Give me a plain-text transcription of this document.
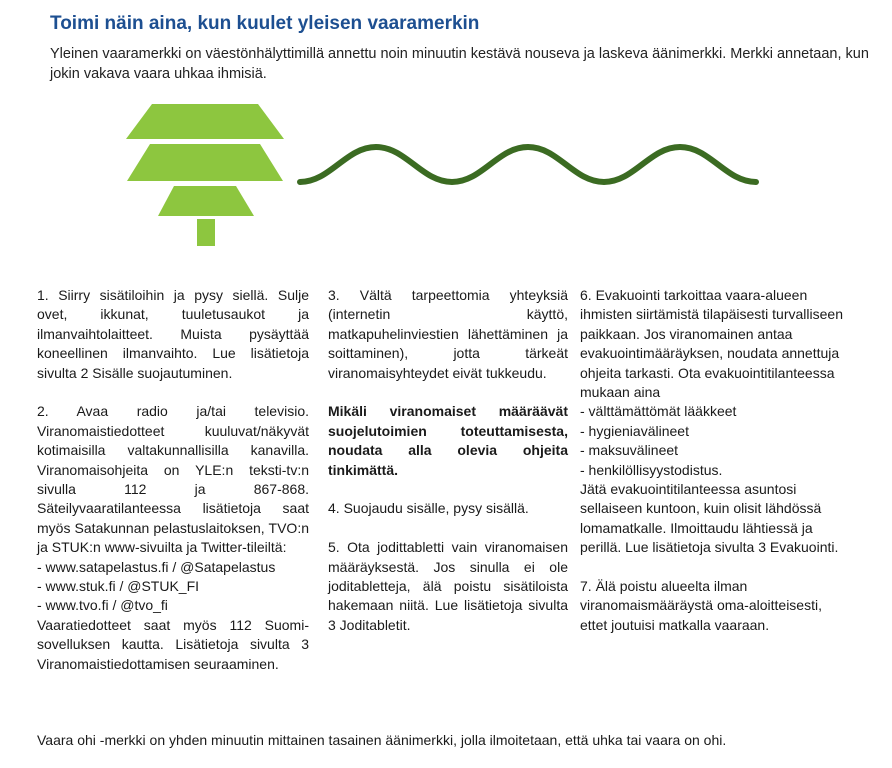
Toimi näin aina, kun kuulet yleisen vaaramerkin
Yleinen vaaramerkki on väestönhälyttimillä annettu noin minuutin kestävä nouseva ja laskeva äänimerkki. Merkki annetaan, kun jokin vakava vaara uhkaa ihmisiä.

1. Siirry sisätiloihin ja pysy siellä. Sulje ovet, ikkunat, tuuletusaukot ja ilmanvaihtolaitteet. Muista pysäyttää koneellinen ilmanvaihto. Lue lisätietoja sivulta 2 Sisälle suojautuminen.

2. Avaa radio ja/tai televisio. Viranomaistiedotteet kuuluvat/näkyvät kotimaisilla valtakunnallisilla kanavilla. Viranomaisohjeita on YLE:n teksti-tv:n sivulla 112 ja 867-868. Säteilyvaaratilanteessa lisätietoja saat myös Satakunnan pelastuslaitoksen, TVO:n ja STUK:n www-sivuilta ja Twitter-tileiltä:
- www.satapelastus.fi / @Satapelastus
- www.stuk.fi / @STUK_FI
- www.tvo.fi / @tvo_fi
Vaaratiedotteet saat myös 112 Suomi-sovelluksen kautta. Lisätietoja sivulta 3 Viranomaistiedottamisen seuraaminen.

3. Vältä tarpeettomia yhteyksiä (internetin käyttö, matkapuhelinviestien lähettäminen ja soittaminen), jotta tärkeät viranomaisyhteydet eivät tukkeudu.

Mikäli viranomaiset määräävät suojelutoimien toteuttamisesta, noudata alla olevia ohjeita tinkimättä.

4. Suojaudu sisälle, pysy sisällä.

5. Ota jodittabletti vain viranomaisen määräyksestä. Jos sinulla ei ole joditabletteja, älä poistu sisätiloista hakemaan niitä. Lue lisätietoja sivulta 3 Joditabletit.

6. Evakuointi tarkoittaa vaara-alueen ihmisten siirtämistä tilapäisesti turvalliseen paikkaan. Jos viranomainen antaa evakuointimääräyksen, noudata annettuja ohjeita tarkasti. Ota evakuointitilanteessa mukaan aina
- välttämättömät lääkkeet
- hygieniavälineet
- maksuvälineet
- henkilöllisyystodistus.
Jätä evakuointitilanteessa asuntosi sellaiseen kuntoon, kuin olisit lähdössä lomamatkalle. Ilmoittaudu lähtiessä ja perillä. Lue lisätietoja sivulta 3 Evakuointi.

7. Älä poistu alueelta ilman viranomaismääräystä oma-aloitteisesti, ettet joutuisi matkalla vaaraan.

Vaara ohi -merkki on yhden minuutin mittainen tasainen äänimerkki, jolla ilmoitetaan, että uhka tai vaara on ohi.
